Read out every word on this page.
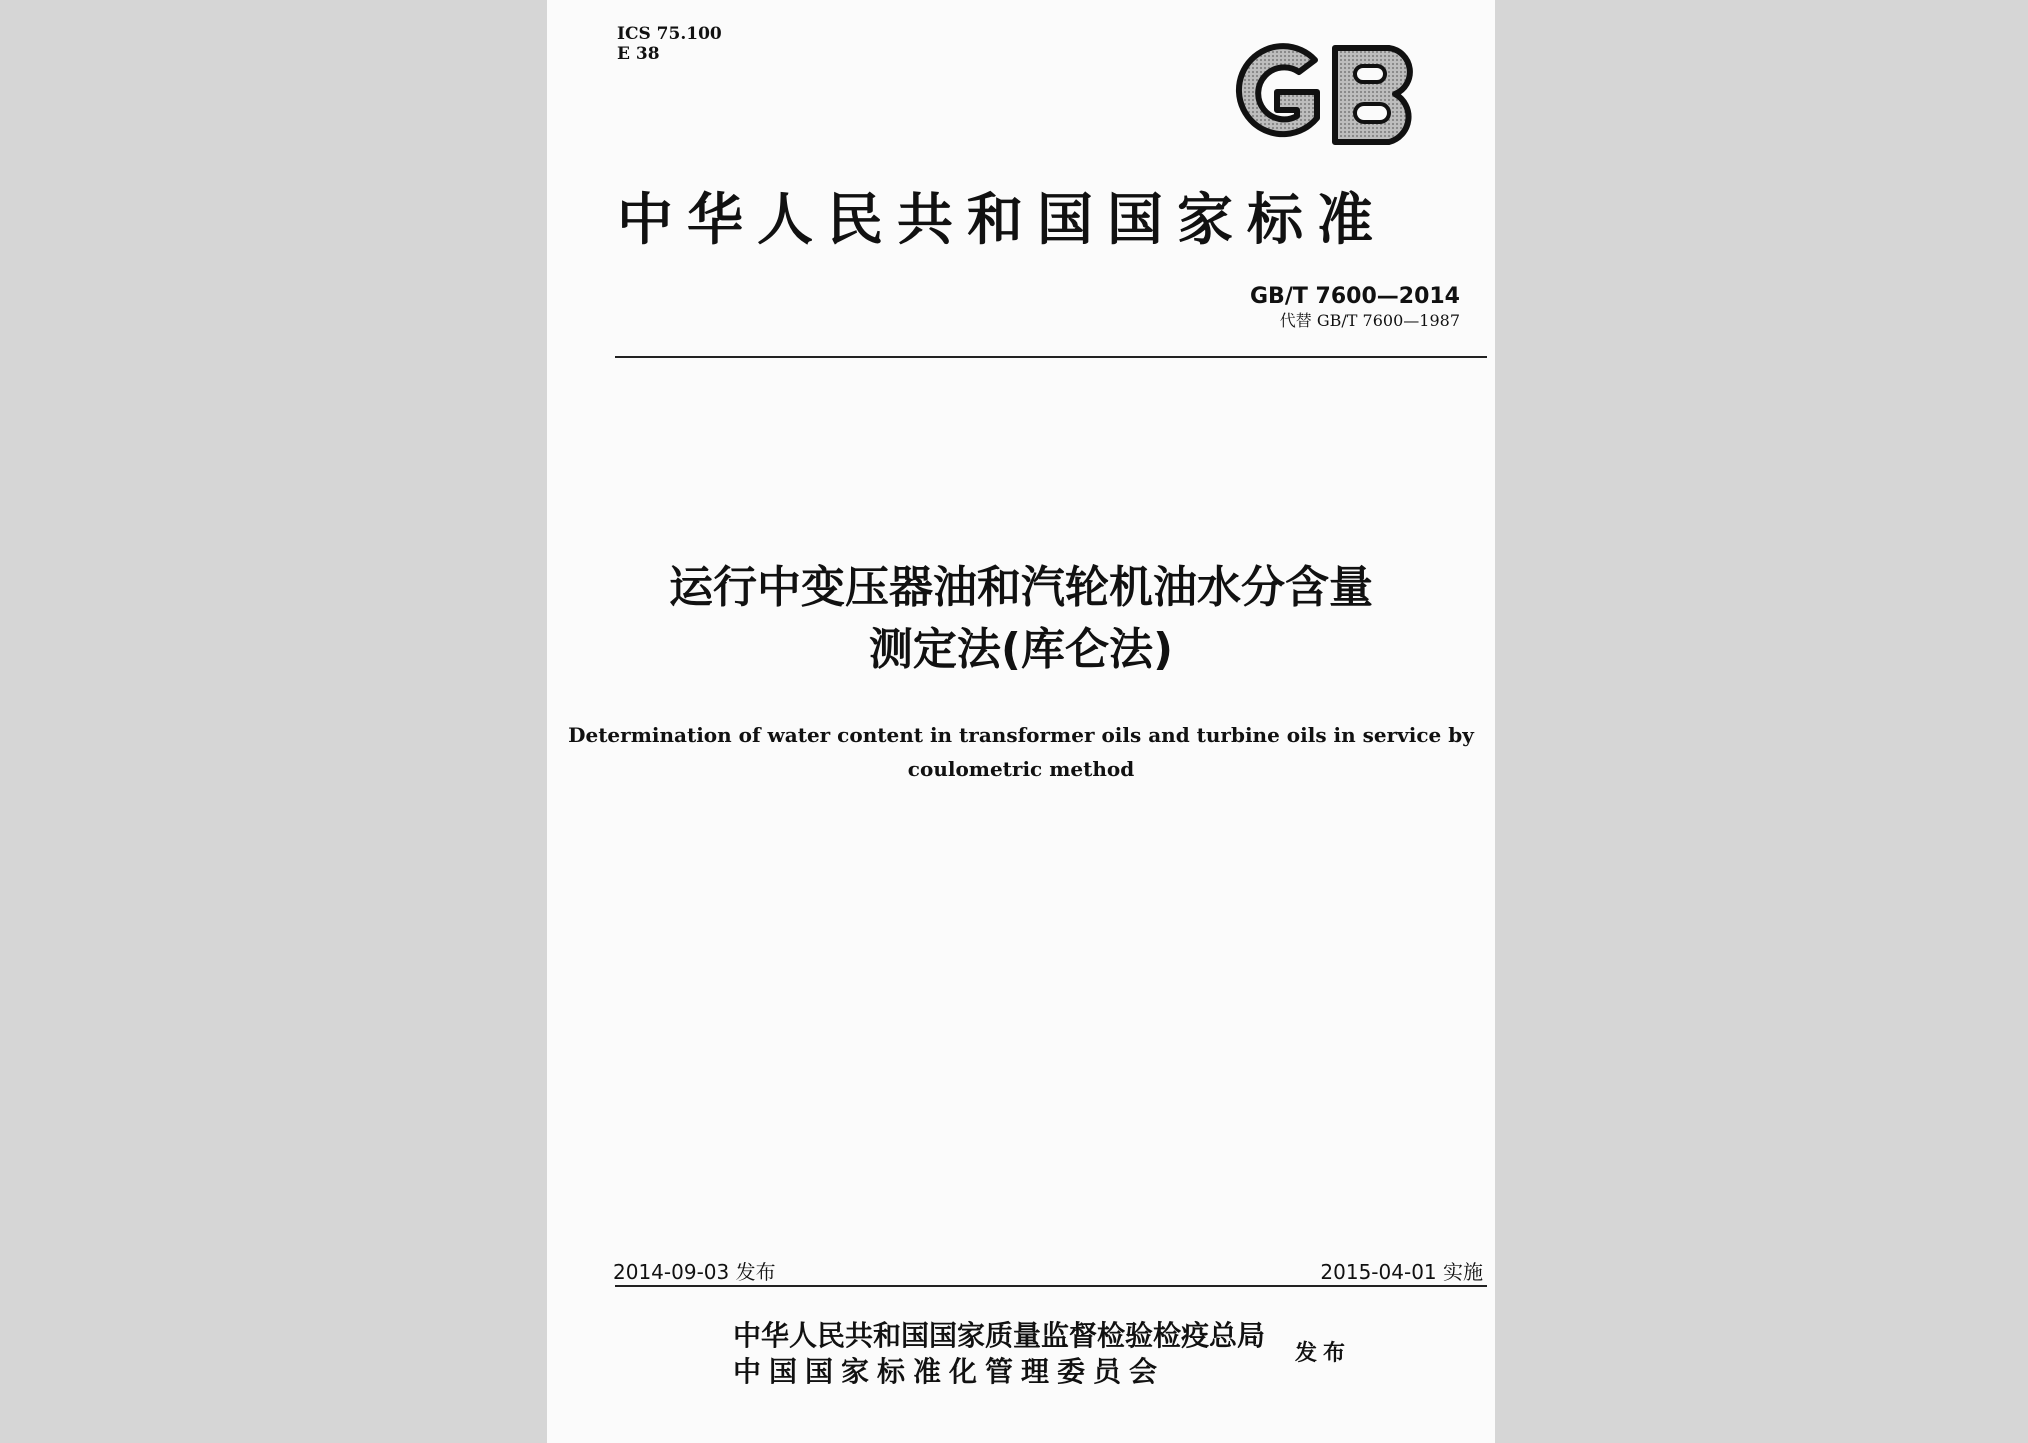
ICS 75.100
E 38
GB
中华人民共和国国家标准
GB/T 7600—2014
代替 GB/T 7600—1987
运行中变压器油和汽轮机油水分含量
测定法(库仑法)
Determination of water content in transformer oils and turbine oils in service by
coulometric method
2014-09-03 发布	2015-04-01 实施
中华人民共和国国家质量监督检验检疫总局
中国国家标准化管理委员会
发布
